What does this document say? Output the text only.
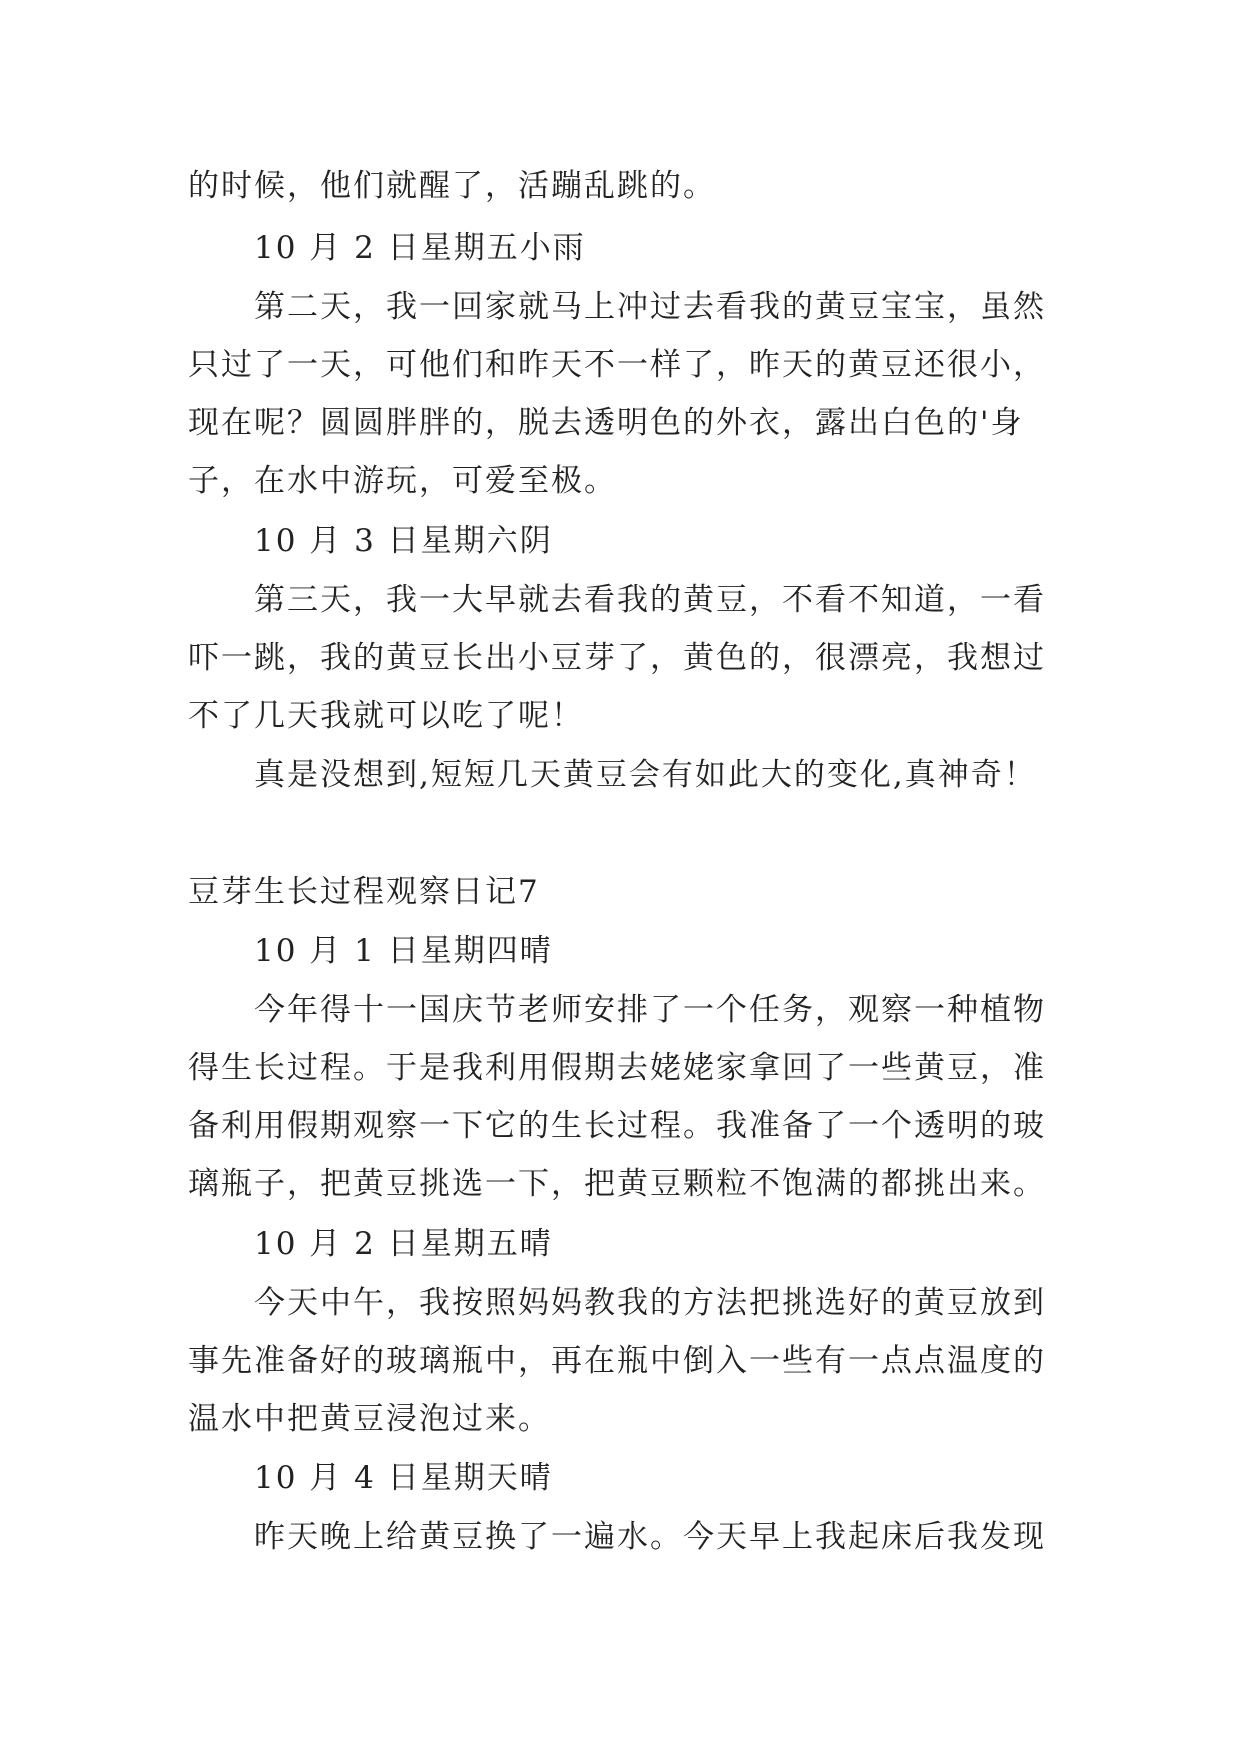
的时候，他们就醒了，活蹦乱跳的。
10 月 2 日星期五小雨
第二天，我一回家就马上冲过去看我的黄豆宝宝，虽然
只过了一天，可他们和昨天不一样了，昨天的黄豆还很小，
现在呢？圆圆胖胖的，脱去透明色的外衣，露出白色的'身
子，在水中游玩，可爱至极。
10 月 3 日星期六阴
第三天，我一大早就去看我的黄豆，不看不知道，一看
吓一跳，我的黄豆长出小豆芽了，黄色的，很漂亮，我想过
不了几天我就可以吃了呢！
真是没想到,短短几天黄豆会有如此大的变化,真神奇！
豆芽生长过程观察日记7
10 月 1 日星期四晴
今年得十一国庆节老师安排了一个任务，观察一种植物
得生长过程。于是我利用假期去姥姥家拿回了一些黄豆，准
备利用假期观察一下它的生长过程。我准备了一个透明的玻
璃瓶子，把黄豆挑选一下，把黄豆颗粒不饱满的都挑出来。
10 月 2 日星期五晴
今天中午，我按照妈妈教我的方法把挑选好的黄豆放到
事先准备好的玻璃瓶中，再在瓶中倒入一些有一点点温度的
温水中把黄豆浸泡过来。
10 月 4 日星期天晴
昨天晚上给黄豆换了一遍水。今天早上我起床后我发现
